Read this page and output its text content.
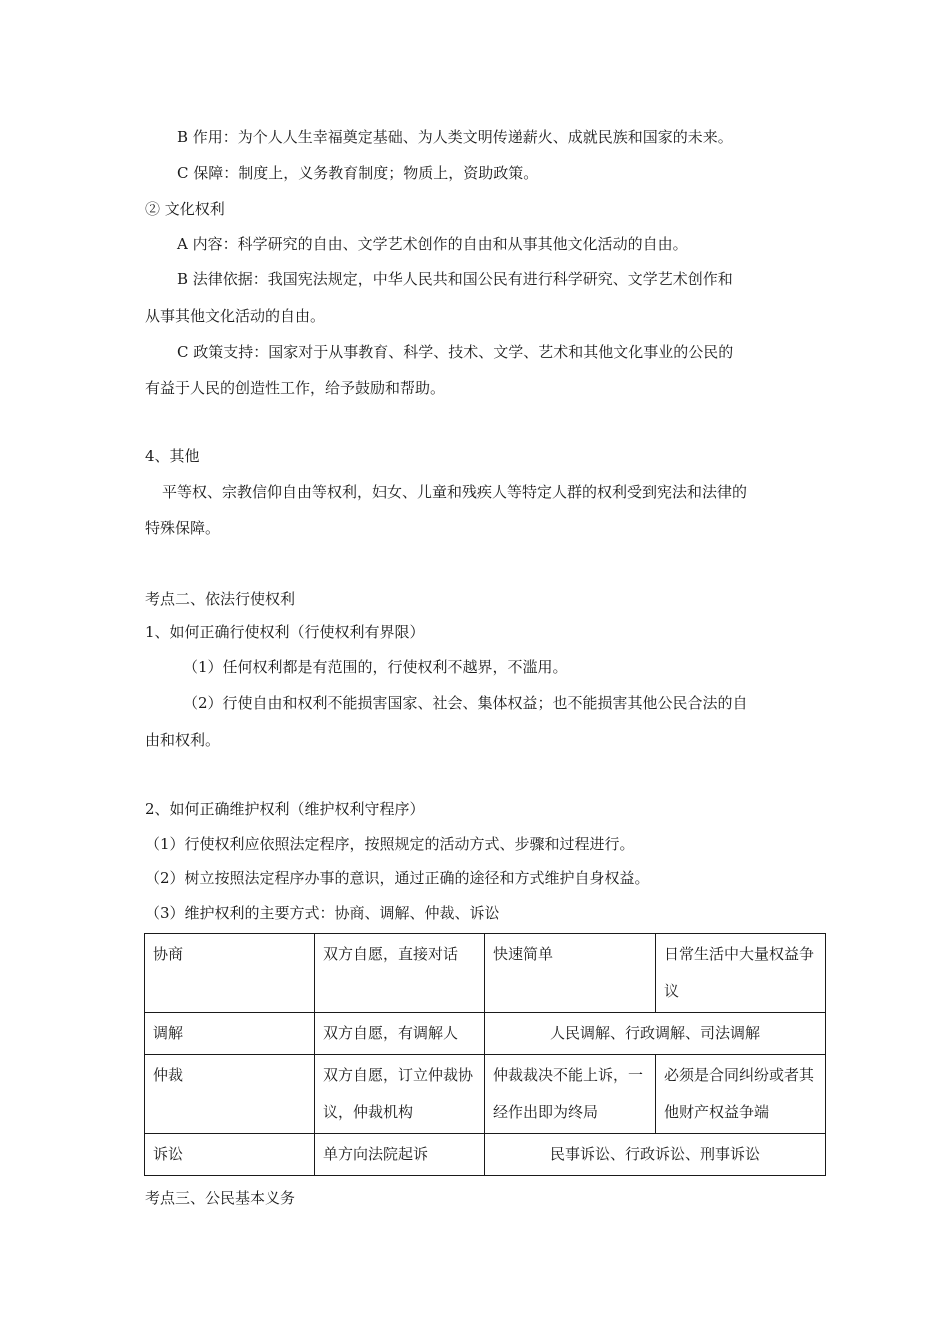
B 作用：为个人人生幸福奠定基础、为人类文明传递薪火、成就民族和国家的未来。
C 保障：制度上，义务教育制度；物质上，资助政策。
② 文化权利
A 内容：科学研究的自由、文学艺术创作的自由和从事其他文化活动的自由。
B 法律依据：我国宪法规定，中华人民共和国公民有进行科学研究、文学艺术创作和
从事其他文化活动的自由。
C 政策支持：国家对于从事教育、科学、技术、文学、艺术和其他文化事业的公民的
有益于人民的创造性工作，给予鼓励和帮助。
4、其他
平等权、宗教信仰自由等权利，妇女、儿童和残疾人等特定人群的权利受到宪法和法律的
特殊保障。
考点二、依法行使权利
1、如何正确行使权利（行使权利有界限）
（1）任何权利都是有范围的，行使权利不越界，不滥用。
（2）行使自由和权利不能损害国家、社会、集体权益；也不能损害其他公民合法的自
由和权利。
2、如何正确维护权利（维护权利守程序）
（1）行使权利应依照法定程序，按照规定的活动方式、步骤和过程进行。
（2）树立按照法定程序办事的意识，通过正确的途径和方式维护自身权益。
（3）维护权利的主要方式：协商、调解、仲裁、诉讼
协商	双方自愿，直接对话	快速简单	日常生活中大量权益争议
调解	双方自愿，有调解人	人民调解、行政调解、司法调解	
仲裁	双方自愿，订立仲裁协议，仲裁机构	仲裁裁决不能上诉，一经作出即为终局	必须是合同纠纷或者其他财产权益争端
诉讼	单方向法院起诉	民事诉讼、行政诉讼、刑事诉讼	
考点三、公民基本义务
